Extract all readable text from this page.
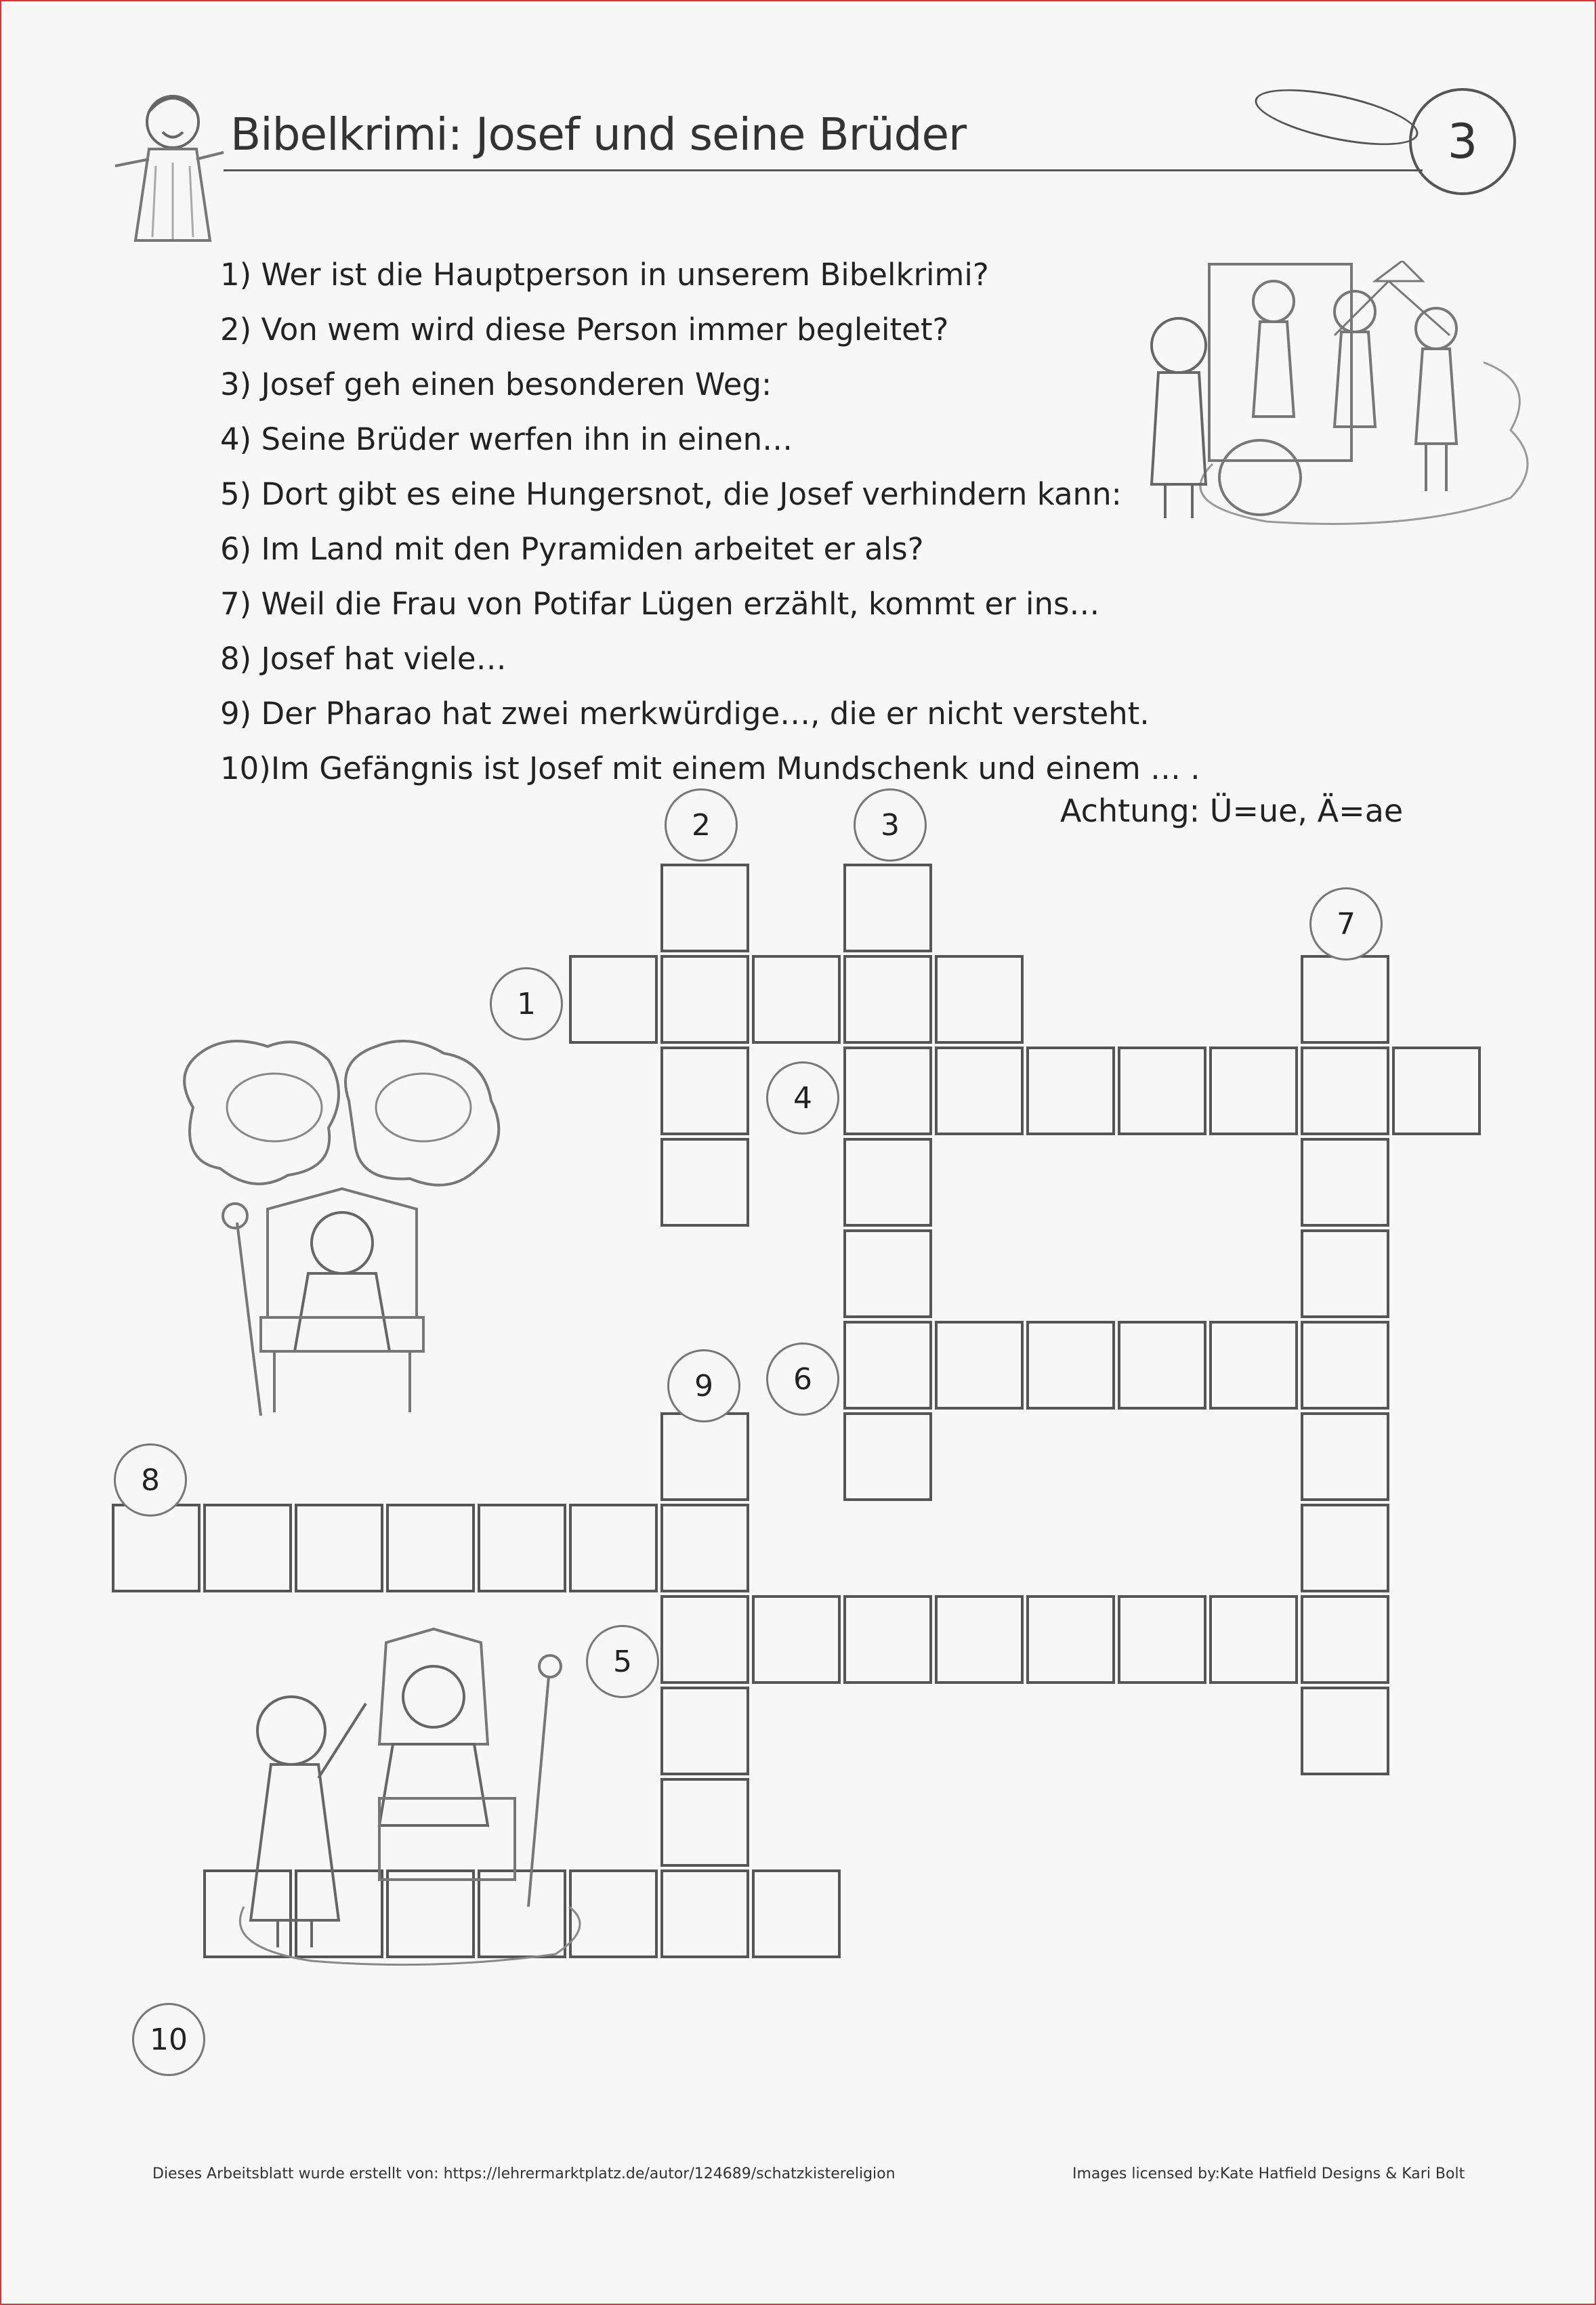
Bibelkrimi: Josef und seine Brüder	3
1) Wer ist die Hauptperson in unserem Bibelkrimi?
2) Von wem wird diese Person immer begleitet?
3) Josef geh einen besonderen Weg:
4) Seine Brüder werfen ihn in einen…
5) Dort gibt es eine Hungersnot, die Josef verhindern kann:
6) Im Land mit den Pyramiden arbeitet er als?
7) Weil die Frau von Potifar Lügen erzählt, kommt er ins…
8) Josef hat viele…
9) Der Pharao hat zwei merkwürdige…, die er nicht versteht.
10)Im Gefängnis ist Josef mit einem Mundschenk und einem … .
Achtung: Ü=ue, Ä=ae
1
2	3
4
5
6
7
8
9
10
Dieses Arbeitsblatt wurde erstellt von: https://lehrermarktplatz.de/autor/124689/schatzkistereligion	Images licensed by:Kate Hatfield Designs & Kari Bolt
